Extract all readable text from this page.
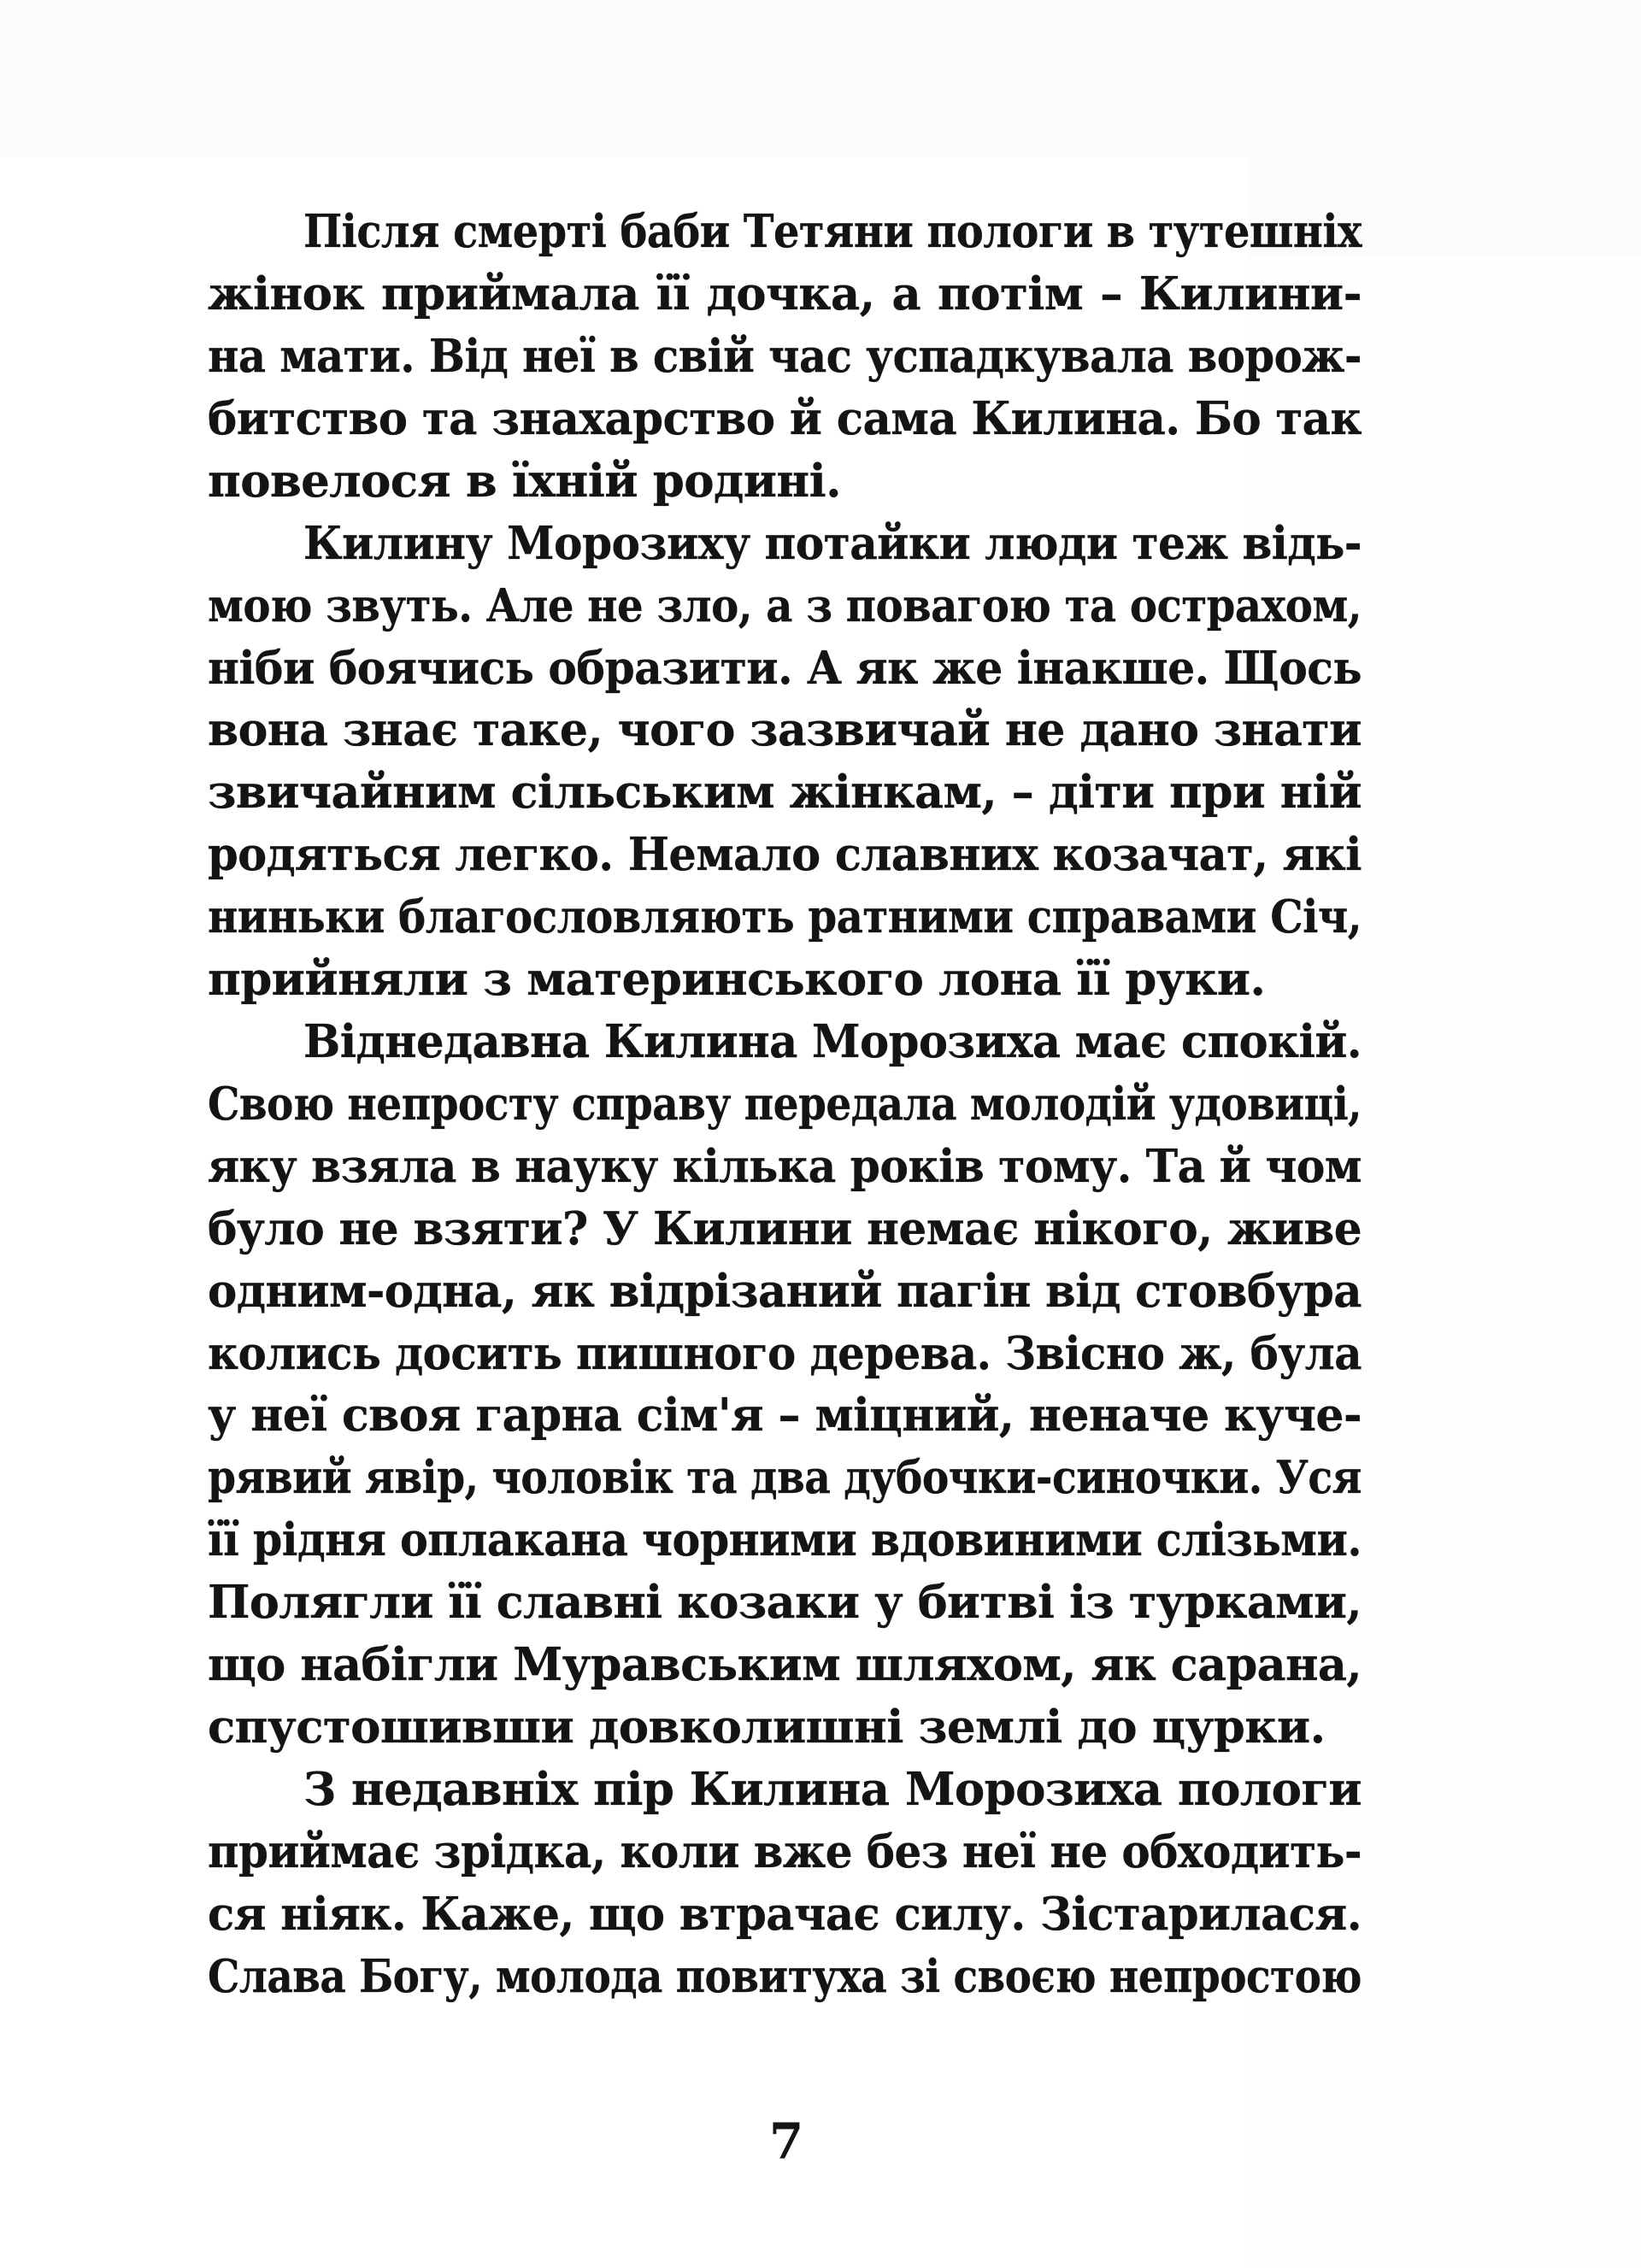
Після смерті баби Тетяни пологи в тутешніх
жінок приймала її дочка, а потім – Килини-
на мати. Від неї в свій час успадкувала ворож-
битство та знахарство й сама Килина. Бо так
повелося в їхній родині.
Килину Морозиху потайки люди теж відь-
мою звуть. Але не зло, а з повагою та острахом,
ніби боячись образити. А як же інакше. Щось
вона знає таке, чого зазвичай не дано знати
звичайним сільським жінкам, – діти при ній
родяться легко. Немало славних козачат, які
ниньки благословляють ратними справами Січ,
прийняли з материнського лона її руки.
Віднедавна Килина Морозиха має спокій.
Свою непросту справу передала молодій удовиці,
яку взяла в науку кілька років тому. Та й чом
було не взяти? У Килини немає нікого, живе
одним-одна, як відрізаний пагін від стовбура
колись досить пишного дерева. Звісно ж, була
у неї своя гарна сім'я – міцний, неначе куче-
рявий явір, чоловік та два дубочки-синочки. Уся
її рідня оплакана чорними вдовиними слізьми.
Полягли її славні козаки у битві із турками,
що набігли Муравським шляхом, як сарана,
спустошивши довколишні землі до цурки.
З недавніх пір Килина Морозиха пологи
приймає зрідка, коли вже без неї не обходить-
ся ніяк. Каже, що втрачає силу. Зістарилася.
Слава Богу, молода повитуха зі своєю непростою
7
